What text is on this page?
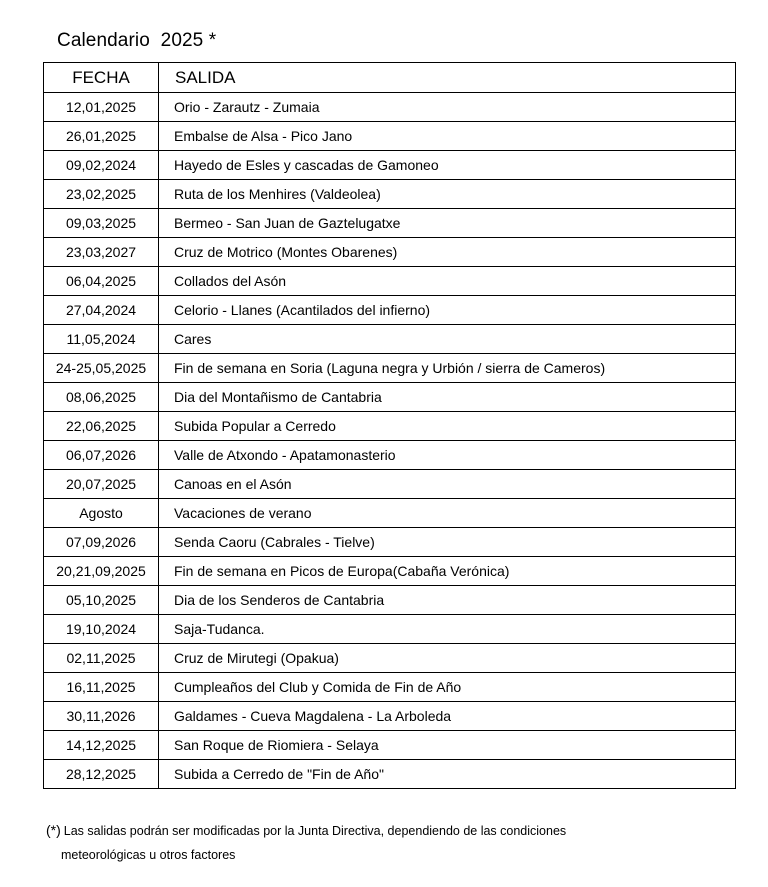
Calendario  2025 *
FECHA	SALIDA
12,01,2025	Orio - Zarautz - Zumaia
26,01,2025	Embalse de Alsa - Pico Jano
09,02,2024	Hayedo de Esles y cascadas de Gamoneo
23,02,2025	Ruta de los Menhires (Valdeolea)
09,03,2025	Bermeo - San Juan de Gaztelugatxe
23,03,2027	Cruz de Motrico (Montes Obarenes)
06,04,2025	Collados del Asón
27,04,2024	Celorio - Llanes (Acantilados del infierno)
11,05,2024	Cares
24-25,05,2025	Fin de semana en Soria (Laguna negra y Urbión / sierra de Cameros)
08,06,2025	Dia del Montañismo de Cantabria
22,06,2025	Subida Popular a Cerredo
06,07,2026	Valle de Atxondo - Apatamonasterio
20,07,2025	Canoas en el Asón
Agosto	Vacaciones de verano
07,09,2026	Senda Caoru (Cabrales - Tielve)
20,21,09,2025	Fin de semana en Picos de Europa(Cabaña Verónica)
05,10,2025	Dia de los Senderos de Cantabria
19,10,2024	Saja-Tudanca.
02,11,2025	Cruz de Mirutegi (Opakua)
16,11,2025	Cumpleaños del Club y Comida de Fin de Año
30,11,2026	Galdames - Cueva Magdalena - La Arboleda
14,12,2025	San Roque de Riomiera - Selaya
28,12,2025	Subida a Cerredo de "Fin de Año"
(*) Las salidas podrán ser modificadas por la Junta Directiva, dependiendo de las condiciones
meteorológicas u otros factores
